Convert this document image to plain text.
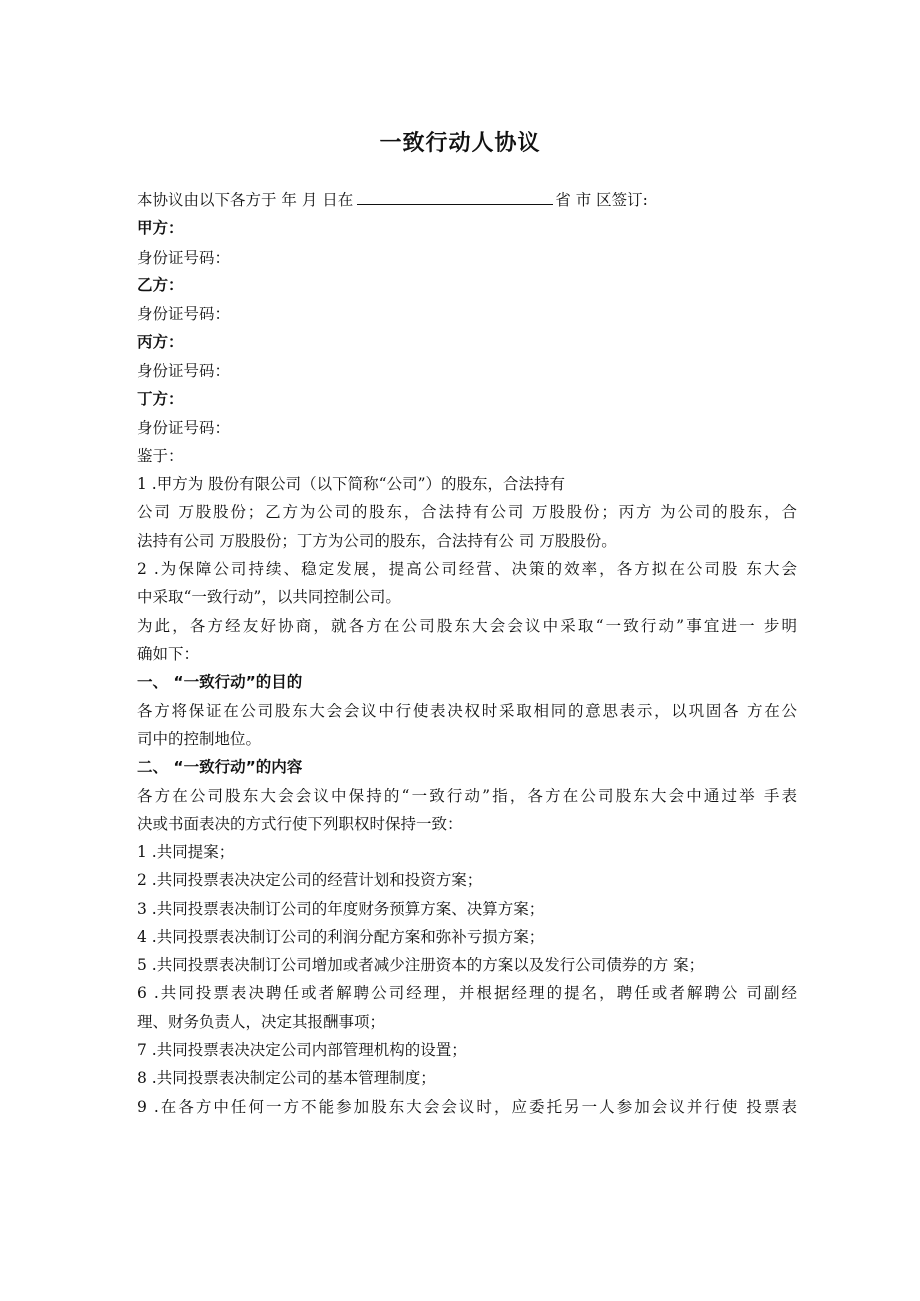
一致行动人协议
本协议由以下各方于 年 月 日在	省 市 区签订:
甲方：
身份证号码：
乙方：
身份证号码：
丙方：
身份证号码：
丁方：
身份证号码：
鉴于：
1 .甲方为 股份有限公司（以下简称“公司”）的股东，合法持有
公司 万股股份；乙方为公司的股东，合法持有公司 万股股份；丙方 为公司的股东，合
法持有公司 万股股份；丁方为公司的股东，合法持有公 司 万股股份。
2 .为保障公司持续、稳定发展，提高公司经营、决策的效率，各方拟在公司股 东大会
中采取“一致行动”，以共同控制公司。
为此，各方经友好协商，就各方在公司股东大会会议中采取“一致行动”事宜进一 步明
确如下：
一、 “一致行动”的目的
各方将保证在公司股东大会会议中行使表决权时采取相同的意思表示，以巩固各 方在公
司中的控制地位。
二、 “一致行动”的内容
各方在公司股东大会会议中保持的“一致行动”指，各方在公司股东大会中通过举 手表
决或书面表决的方式行使下列职权时保持一致：
1 .共同提案；
2 .共同投票表决决定公司的经营计划和投资方案；
3 .共同投票表决制订公司的年度财务预算方案、决算方案；
4 .共同投票表决制订公司的利润分配方案和弥补亏损方案；
5 .共同投票表决制订公司增加或者减少注册资本的方案以及发行公司债券的方 案；
6 .共同投票表决聘任或者解聘公司经理，并根据经理的提名，聘任或者解聘公 司副经
理、财务负责人，决定其报酬事项；
7 .共同投票表决决定公司内部管理机构的设置；
8 .共同投票表决制定公司的基本管理制度；
9 .在各方中任何一方不能参加股东大会会议时，应委托另一人参加会议并行使 投票表
